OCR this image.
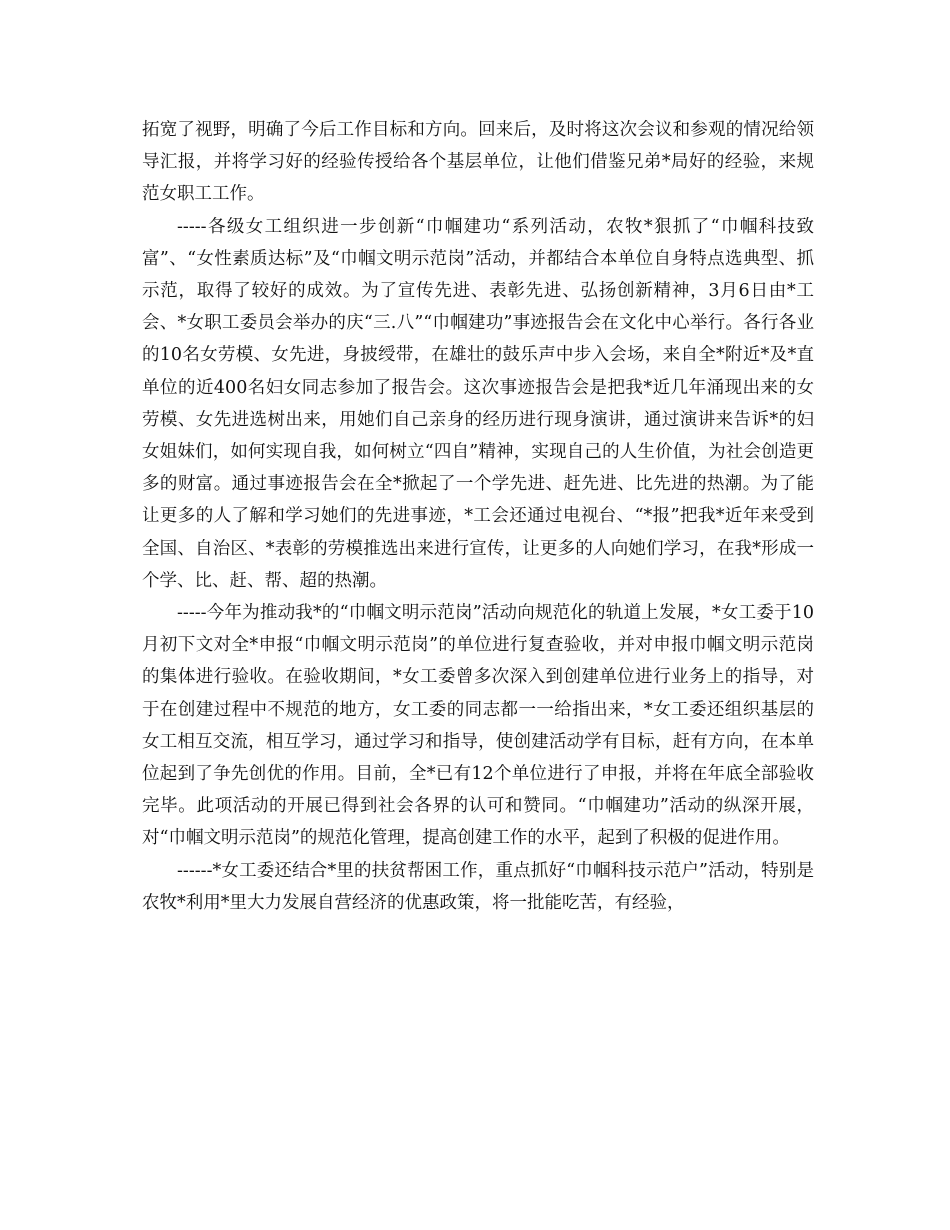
拓宽了视野，明确了今后工作目标和方向。回来后，及时将这次会议和参观的情况给领导汇报，并将学习好的经验传授给各个基层单位，让他们借鉴兄弟*局好的经验，来规范女职工工作。

-----各级女工组织进一步创新“巾帼建功“系列活动，农牧*狠抓了“巾帼科技致富”、“女性素质达标”及“巾帼文明示范岗”活动，并都结合本单位自身特点选典型、抓示范，取得了较好的成效。为了宣传先进、表彰先进、弘扬创新精神，3月6日由*工会、*女职工委员会举办的庆“三.八”“巾帼建功”事迹报告会在文化中心举行。各行各业的10名女劳模、女先进，身披绶带，在雄壮的鼓乐声中步入会场，来自全*附近*及*直单位的近400名妇女同志参加了报告会。这次事迹报告会是把我*近几年涌现出来的女劳模、女先进选树出来，用她们自己亲身的经历进行现身演讲，通过演讲来告诉*的妇女姐妹们，如何实现自我，如何树立“四自”精神，实现自己的人生价值，为社会创造更多的财富。通过事迹报告会在全*掀起了一个学先进、赶先进、比先进的热潮。为了能让更多的人了解和学习她们的先进事迹，*工会还通过电视台、“*报”把我*近年来受到全国、自治区、*表彰的劳模推选出来进行宣传，让更多的人向她们学习，在我*形成一个学、比、赶、帮、超的热潮。

-----今年为推动我*的“巾帼文明示范岗”活动向规范化的轨道上发展，*女工委于10月初下文对全*申报“巾帼文明示范岗”的单位进行复查验收，并对申报巾帼文明示范岗的集体进行验收。在验收期间，*女工委曾多次深入到创建单位进行业务上的指导，对于在创建过程中不规范的地方，女工委的同志都一一给指出来，*女工委还组织基层的女工相互交流，相互学习，通过学习和指导，使创建活动学有目标，赶有方向，在本单位起到了争先创优的作用。目前，全*已有12个单位进行了申报，并将在年底全部验收完毕。此项活动的开展已得到社会各界的认可和赞同。“巾帼建功”活动的纵深开展，对“巾帼文明示范岗”的规范化管理，提高创建工作的水平，起到了积极的促进作用。

------*女工委还结合*里的扶贫帮困工作，重点抓好“巾帼科技示范户”活动，特别是农牧*利用*里大力发展自营经济的优惠政策，将一批能吃苦，有经验，
